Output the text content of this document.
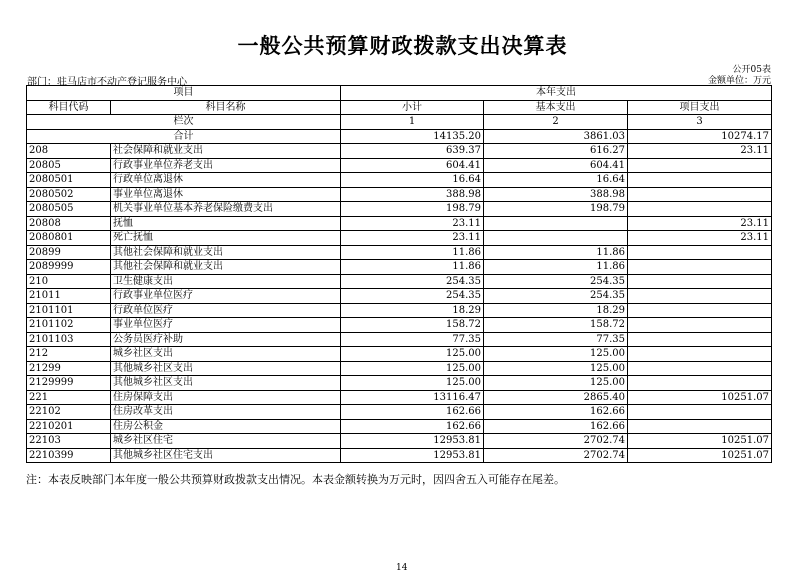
一般公共预算财政拨款支出决算表
公开05表
部门：驻马店市不动产登记服务中心	金额单位：万元
项目		本年支出		
科目代码	科目名称	小计	基本支出	项目支出
栏次		1	2	3
合计		14135.20	3861.03	10274.17
208	社会保障和就业支出	639.37	616.27	23.11
20805	行政事业单位养老支出	604.41	604.41	
2080501	行政单位离退休	16.64	16.64	
2080502	事业单位离退休	388.98	388.98	
2080505	机关事业单位基本养老保险缴费支出	198.79	198.79	
20808	抚恤	23.11		23.11
2080801	死亡抚恤	23.11		23.11
20899	其他社会保障和就业支出	11.86	11.86	
2089999	其他社会保障和就业支出	11.86	11.86	
210	卫生健康支出	254.35	254.35	
21011	行政事业单位医疗	254.35	254.35	
2101101	行政单位医疗	18.29	18.29	
2101102	事业单位医疗	158.72	158.72	
2101103	公务员医疗补助	77.35	77.35	
212	城乡社区支出	125.00	125.00	
21299	其他城乡社区支出	125.00	125.00	
2129999	其他城乡社区支出	125.00	125.00	
221	住房保障支出	13116.47	2865.40	10251.07
22102	住房改革支出	162.66	162.66	
2210201	住房公积金	162.66	162.66	
22103	城乡社区住宅	12953.81	2702.74	10251.07
2210399	其他城乡社区住宅支出	12953.81	2702.74	10251.07
注：本表反映部门本年度一般公共预算财政拨款支出情况。本表金额转换为万元时，因四舍五入可能存在尾差。
14
